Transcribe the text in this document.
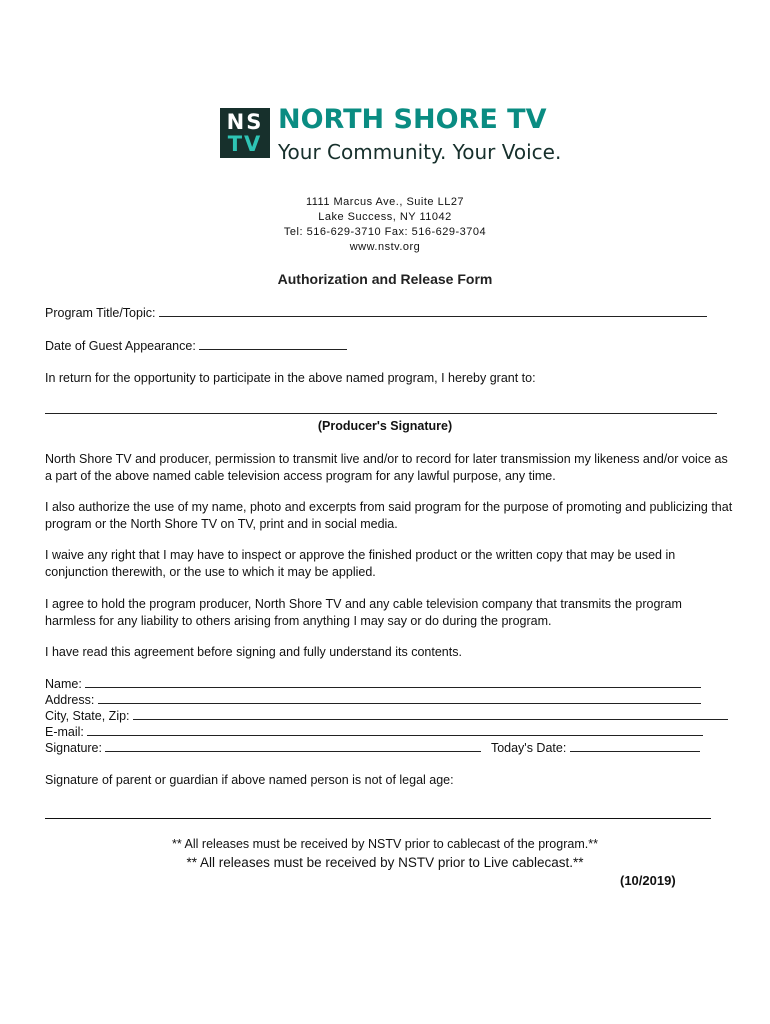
NS
TV
NORTH SHORE TV
Your Community. Your Voice.
1111 Marcus Ave., Suite LL27
Lake Success, NY 11042
Tel: 516-629-3710 Fax: 516-629-3704
www.nstv.org
Authorization and Release Form
Program Title/Topic:
Date of Guest Appearance:
In return for the opportunity to participate in the above named program, I hereby grant to:
(Producer's Signature)
North Shore TV and producer, permission to transmit live and/or to record for later transmission my likeness and/or voice as a part of the above named cable television access program for any lawful purpose, any time.
I also authorize the use of my name, photo and excerpts from said program for the purpose of promoting and publicizing that program or the North Shore TV on TV, print and in social media.
I waive any right that I may have to inspect or approve the finished product or the written copy that may be used in conjunction therewith, or the use to which it may be applied.
I agree to hold the program producer, North Shore TV and any cable television company that transmits the program harmless for any liability to others arising from anything I may say or do during the program.
I have read this agreement before signing and fully understand its contents.
Name:
Address:
City, State, Zip:
E-mail:
Signature:	Today's Date:
Signature of parent or guardian if above named person is not of legal age:
** All releases must be received by NSTV prior to cablecast of the program.**
** All releases must be received by NSTV prior to Live cablecast.**
(10/2019)
